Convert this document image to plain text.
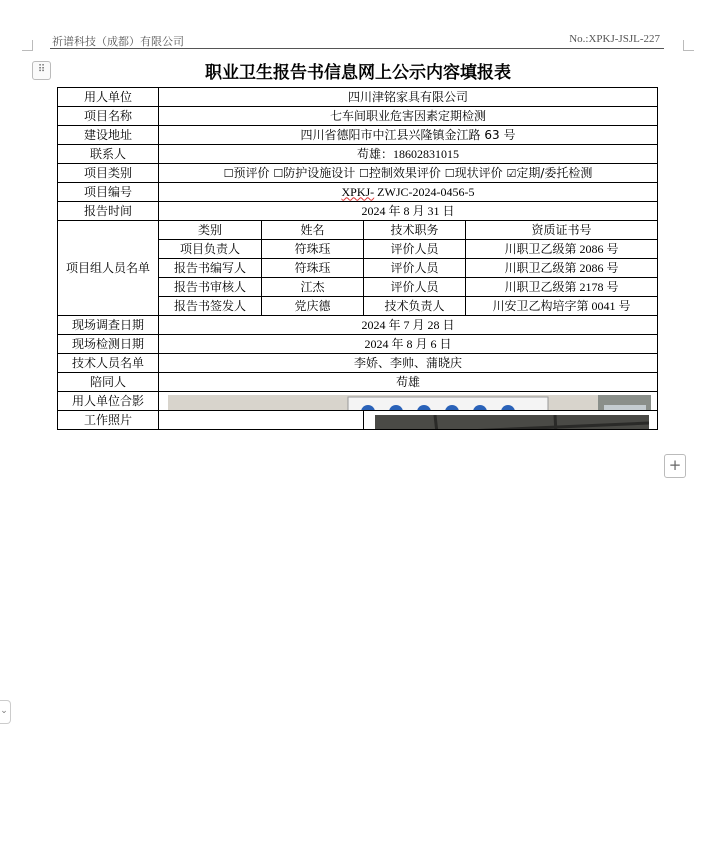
祈谱科技（成都）有限公司	No.:XPKJ-JSJL-227
⠿
+
⌄
职业卫生报告书信息网上公示内容填报表
用人单位	四川津铭家具有限公司			
项目名称	七车间职业危害因素定期检测			
建设地址	四川省德阳市中江县兴隆镇金江路 63 号			
联系人	苟雄：18602831015			
项目类别	☐预评价 ☐防护设施设计 ☐控制效果评价 ☐现状评价 ☑定期/委托检测			
项目编号	XPKJ- ZWJC-2024-0456-5			
报告时间	2024 年 8 月 31 日			
项目组人员名单	类别	姓名	技术职务	资质证书号
	项目负责人	符珠珏	评价人员	川职卫乙级第 2086 号
	报告书编写人	符珠珏	评价人员	川职卫乙级第 2086 号
	报告书审核人	江杰	评价人员	川职卫乙级第 2178 号
	报告书签发人	党庆德	技术负责人	川安卫乙构培字第 0041 号
现场调查日期	2024 年 7 月 28 日			
现场检测日期	2024 年 8 月 6 日			
技术人员名单	李娇、李帅、蒲晓庆			
陪同人	苟雄			
用人单位合影	

工作照片		
